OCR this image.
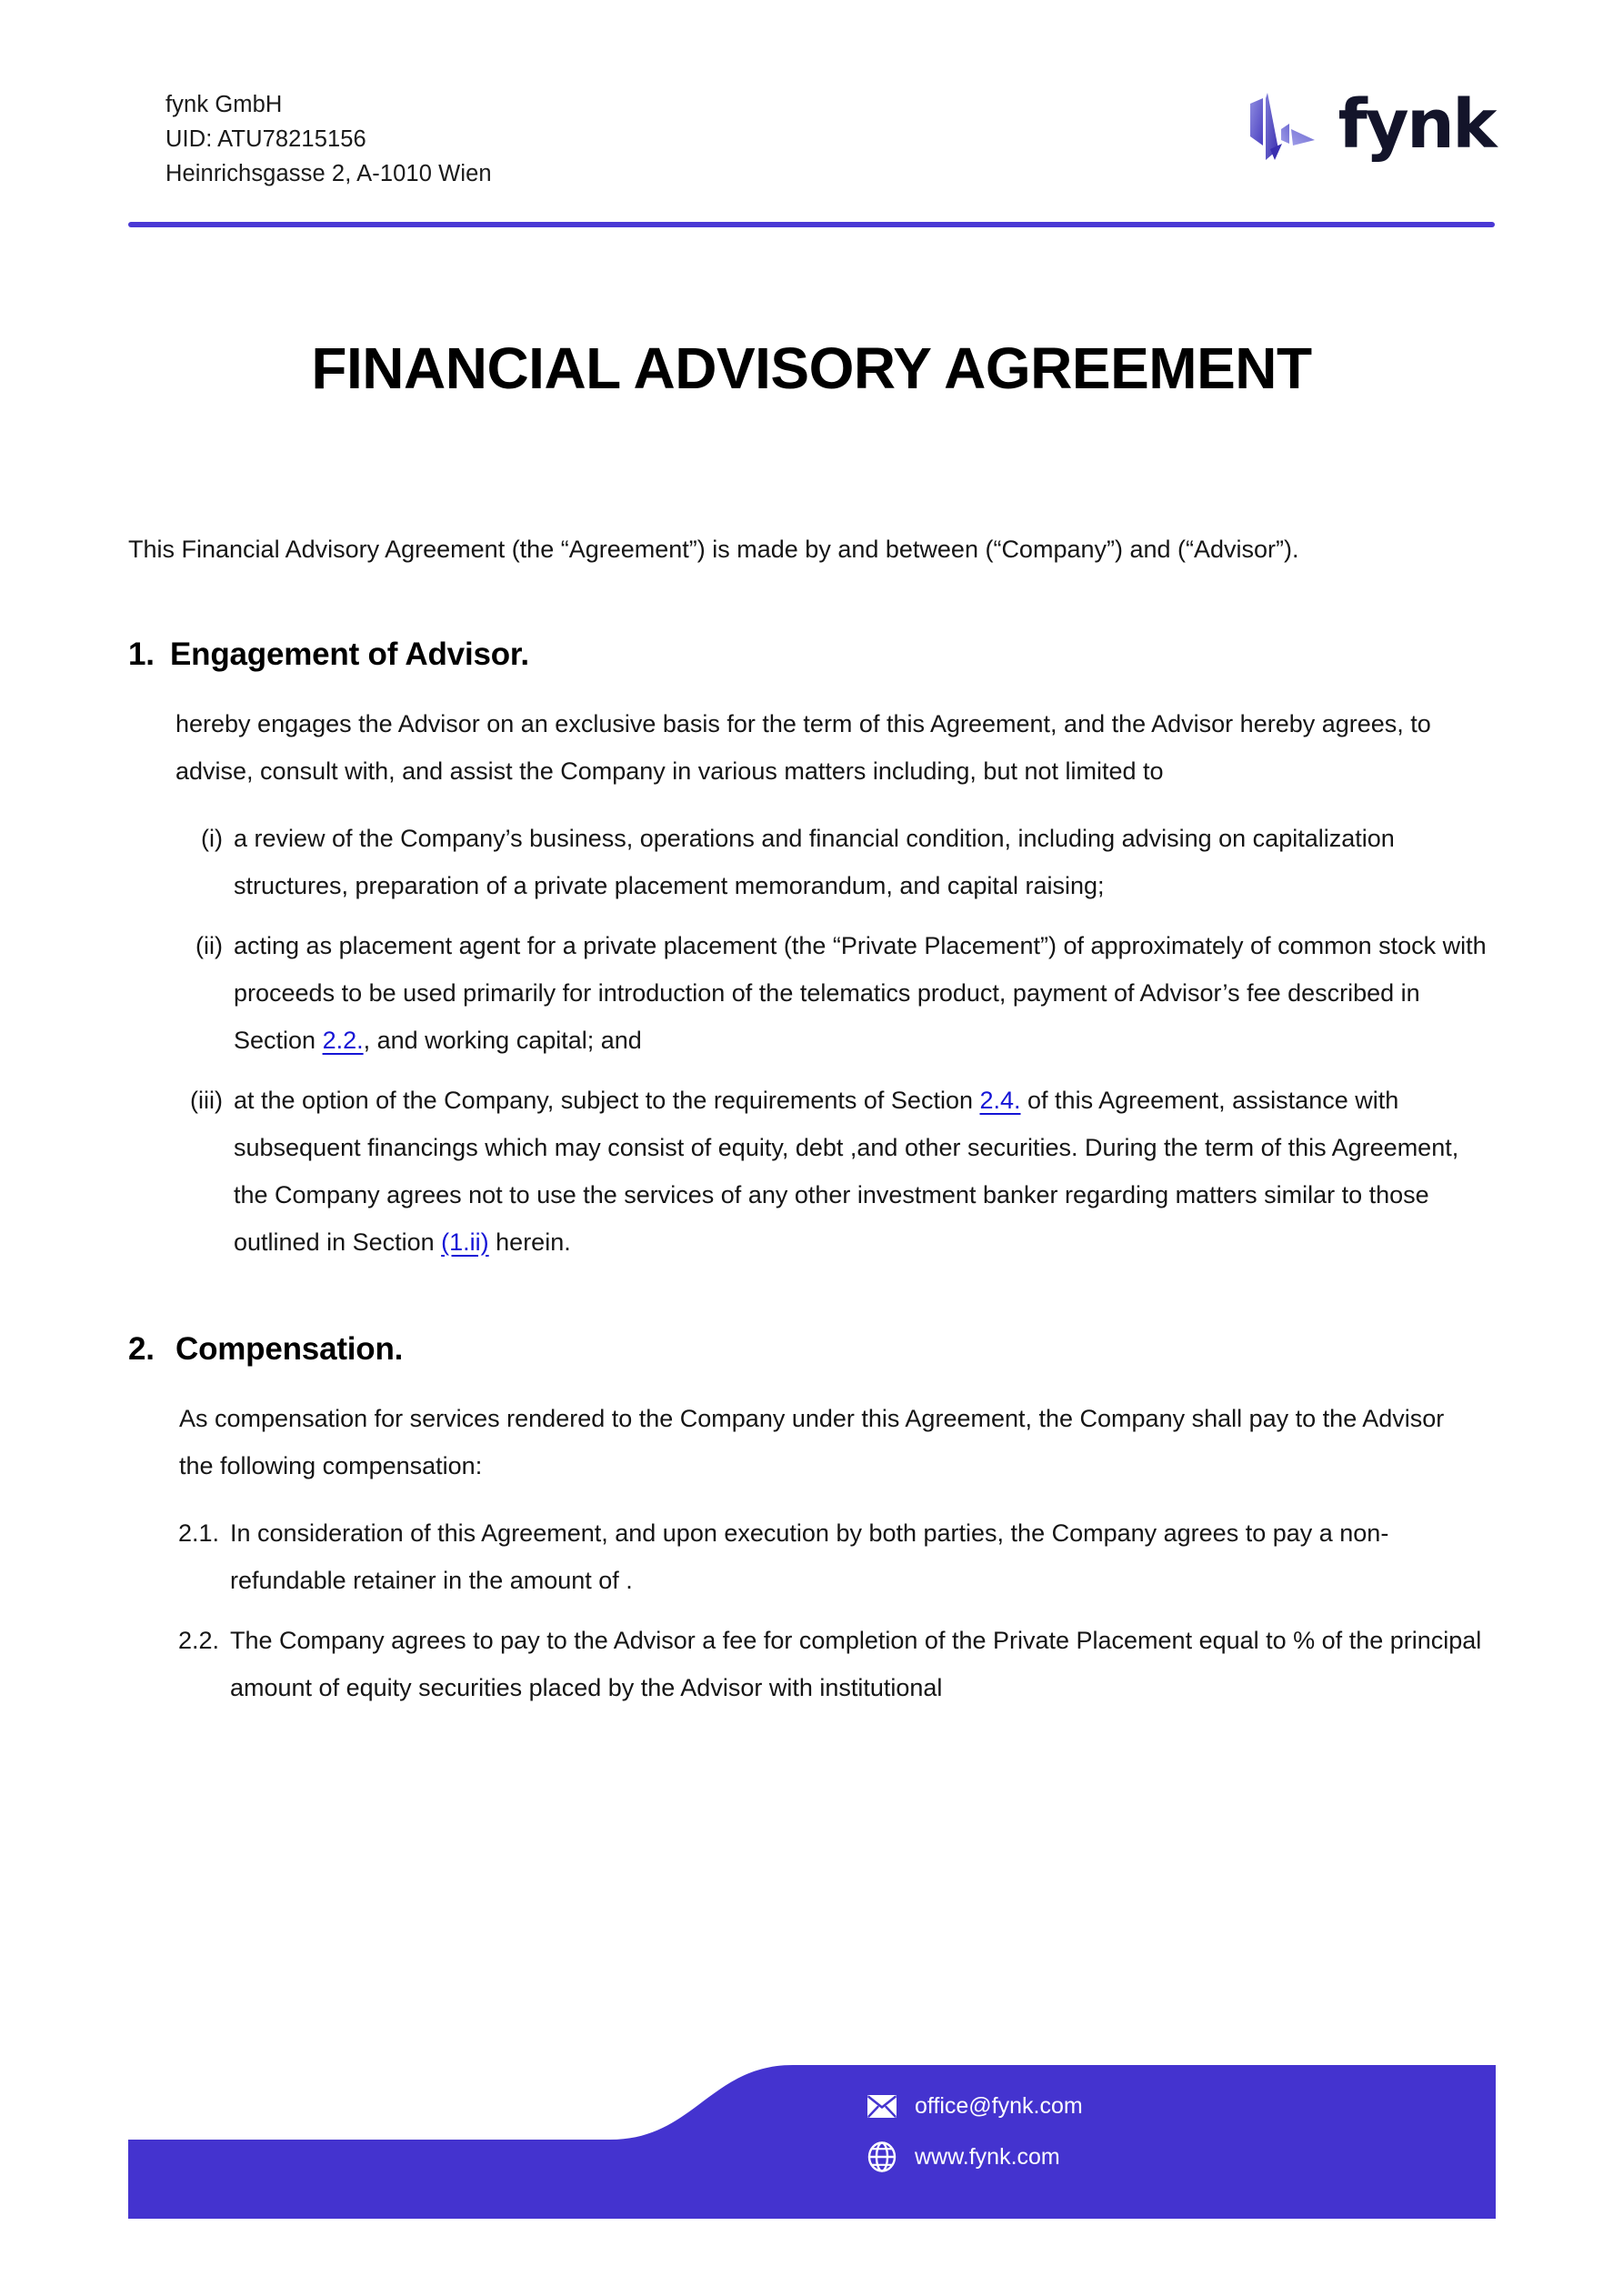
fynk GmbH
UID: ATU78215156
Heinrichsgasse 2, A-1010 Wien
fynk
FINANCIAL ADVISORY AGREEMENT

This Financial Advisory Agreement (the “Agreement”) is made by and between (“Company”) and (“Advisor”).

1. Engagement of Advisor.

hereby engages the Advisor on an exclusive basis for the term of this Agreement, and the Advisor hereby agrees, to advise, consult with, and assist the Company in various matters including, but not limited to

(i) a review of the Company’s business, operations and financial condition, including advising on capitalization structures, preparation of a private placement memorandum, and capital raising;
(ii) acting as placement agent for a private placement (the “Private Placement”) of approximately of common stock with proceeds to be used primarily for introduction of the telematics product, payment of Advisor’s fee described in Section 2.2., and working capital; and
(iii) at the option of the Company, subject to the requirements of Section 2.4. of this Agreement, assistance with subsequent financings which may consist of equity, debt ,and other securities. During the term of this Agreement, the Company agrees not to use the services of any other investment banker regarding matters similar to those outlined in Section (1.ii) herein.
2. Compensation.

As compensation for services rendered to the Company under this Agreement, the Company shall pay to the Advisor the following compensation:

2.1. In consideration of this Agreement, and upon execution by both parties, the Company agrees to pay a non-refundable retainer in the amount of .
2.2. The Company agrees to pay to the Advisor a fee for completion of the Private Placement equal to % of the principal amount of equity securities placed by the Advisor with institutional
office@fynk.com
www.fynk.com
